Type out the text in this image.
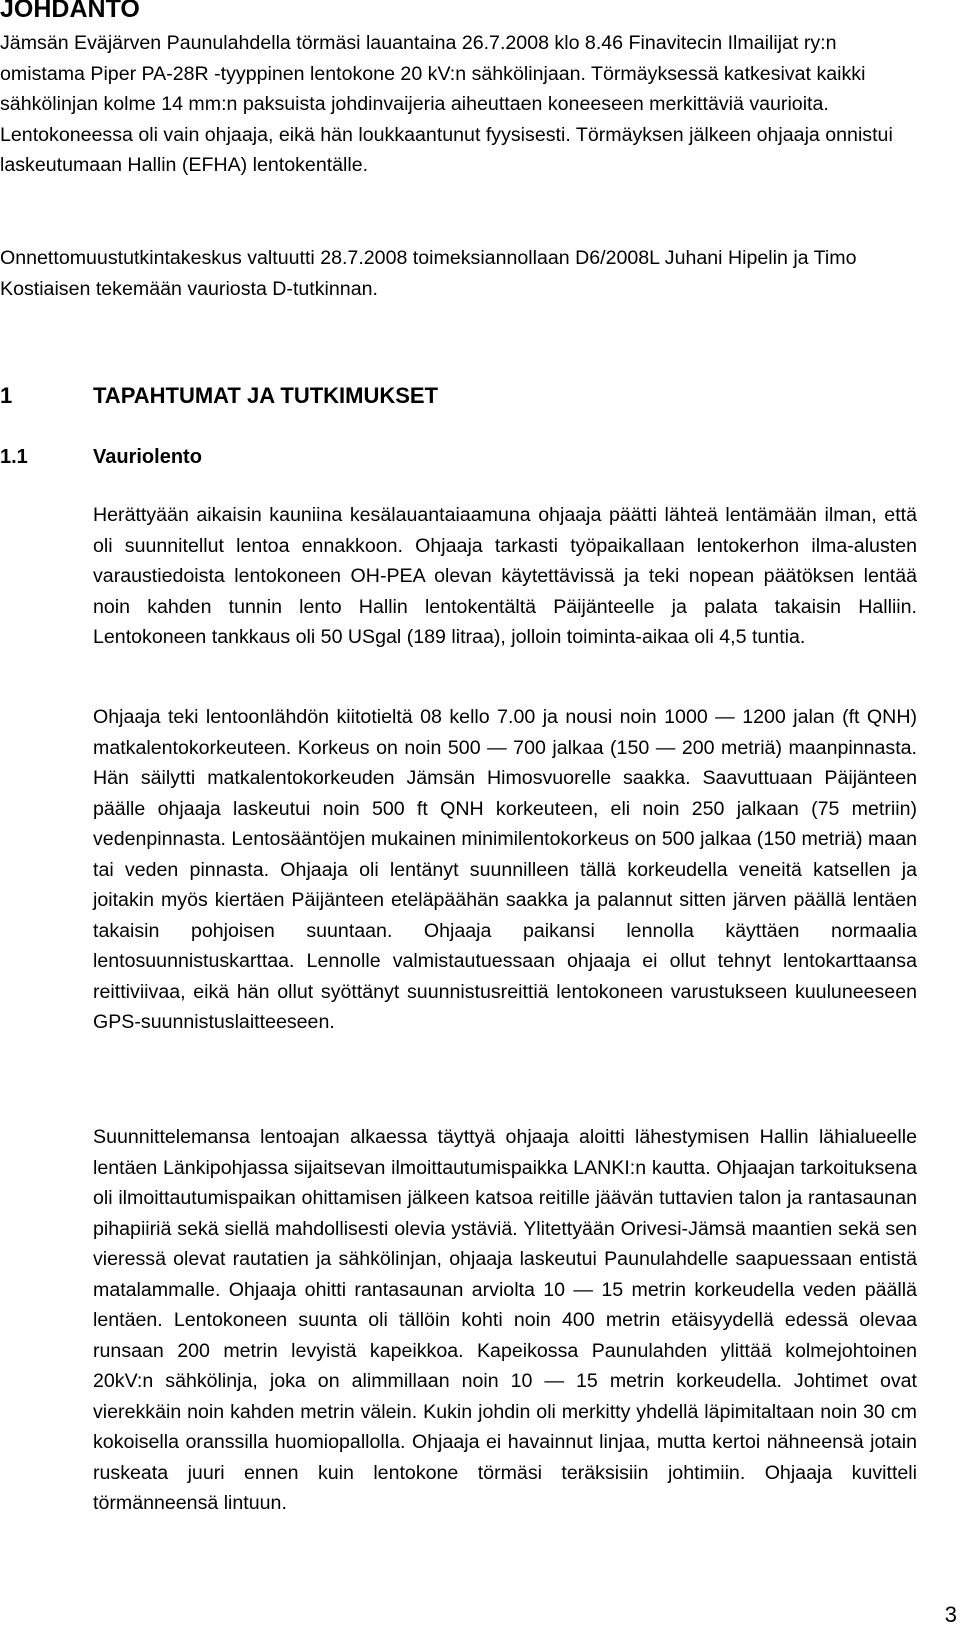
JOHDANTO

Jämsän Eväjärven Paunulahdella törmäsi lauantaina 26.7.2008 klo 8.46 Finavitecin Ilmailijat ry:n omistama Piper PA-28R -tyyppinen lentokone 20 kV:n sähkölinjaan. Törmäyksessä katkesivat kaikki sähkölinjan kolme 14 mm:n paksuista johdinvaijeria aiheuttaen koneeseen merkittäviä vaurioita. Lentokoneessa oli vain ohjaaja, eikä hän loukkaantunut fyysisesti. Törmäyksen jälkeen ohjaaja onnistui laskeutumaan Hallin (EFHA) lentokentälle.

Onnettomuustutkintakeskus valtuutti 28.7.2008 toimeksiannollaan D6/2008L Juhani Hipelin ja Timo Kostiaisen tekemään vauriosta D-tutkinnan.

1	TAPAHTUMAT JA TUTKIMUKSET
1.1	Vauriolento

Herättyään aikaisin kauniina kesälauantaiaamuna ohjaaja päätti lähteä lentämään ilman, että oli suunnitellut lentoa ennakkoon. Ohjaaja tarkasti työpaikallaan lentokerhon ilma-alusten varaustiedoista lentokoneen OH-PEA olevan käytettävissä ja teki nopean päätöksen lentää noin kahden tunnin lento Hallin lentokentältä Päijänteelle ja palata takaisin Halliin. Lentokoneen tankkaus oli 50 USgal (189 litraa), jolloin toiminta-aikaa oli 4,5 tuntia.

Ohjaaja teki lentoonlähdön kiitotieltä 08 kello 7.00 ja nousi noin 1000 — 1200 jalan (ft QNH) matkalentokorkeuteen. Korkeus on noin 500 — 700 jalkaa (150 — 200 metriä) maanpinnasta. Hän säilytti matkalentokorkeuden Jämsän Himosvuorelle saakka. Saavuttuaan Päijänteen päälle ohjaaja laskeutui noin 500 ft QNH korkeuteen, eli noin 250 jalkaan (75 metriin) vedenpinnasta. Lentosääntöjen mukainen minimilentokorkeus on 500 jalkaa (150 metriä) maan tai veden pinnasta. Ohjaaja oli lentänyt suunnilleen tällä korkeudella veneitä katsellen ja joitakin myös kiertäen Päijänteen eteläpäähän saakka ja palannut sitten järven päällä lentäen takaisin pohjoisen suuntaan. Ohjaaja paikansi lennolla käyttäen normaalia lentosuunnistuskarttaa. Lennolle valmistautuessaan ohjaaja ei ollut tehnyt lentokarttaansa reittiviivaa, eikä hän ollut syöttänyt suunnistusreittiä lentokoneen varustukseen kuuluneeseen GPS-suunnistuslaitteeseen.

Suunnittelemansa lentoajan alkaessa täyttyä ohjaaja aloitti lähestymisen Hallin lähialueelle lentäen Länkipohjassa sijaitsevan ilmoittautumispaikka LANKI:n kautta. Ohjaajan tarkoituksena oli ilmoittautumispaikan ohittamisen jälkeen katsoa reitille jäävän tuttavien talon ja rantasaunan pihapiiriä sekä siellä mahdollisesti olevia ystäviä. Ylitettyään Orivesi-Jämsä maantien sekä sen vieressä olevat rautatien ja sähkölinjan, ohjaaja laskeutui Paunulahdelle saapuessaan entistä matalammalle. Ohjaaja ohitti rantasaunan arviolta 10 — 15 metrin korkeudella veden päällä lentäen. Lentokoneen suunta oli tällöin kohti noin 400 metrin etäisyydellä edessä olevaa runsaan 200 metrin levyistä kapeikkoa. Kapeikossa Paunulahden ylittää kolmejohtoinen 20kV:n sähkölinja, joka on alimmillaan noin 10 — 15 metrin korkeudella. Johtimet ovat vierekkäin noin kahden metrin välein. Kukin johdin oli merkitty yhdellä läpimitaltaan noin 30 cm kokoisella oranssilla huomiopallolla. Ohjaaja ei havainnut linjaa, mutta kertoi nähneensä jotain ruskeata juuri ennen kuin lentokone törmäsi teräksisiin johtimiin. Ohjaaja kuvitteli törmänneensä lintuun.

3
